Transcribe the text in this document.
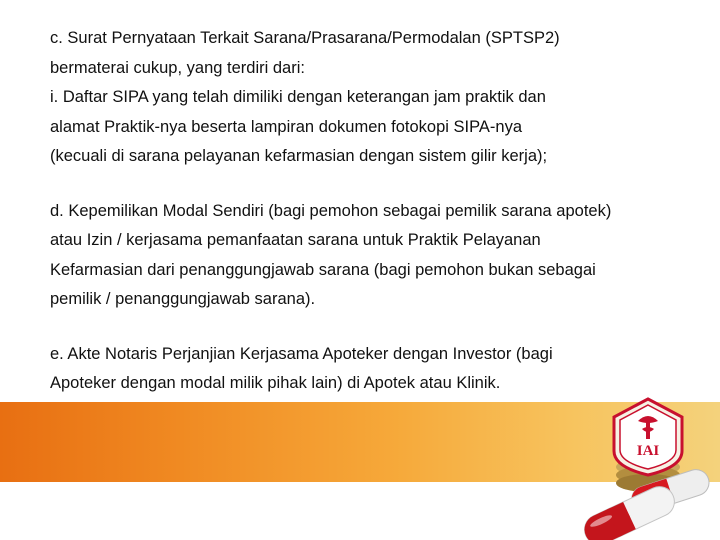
c. Surat Pernyataan Terkait Sarana/Prasarana/Permodalan (SPTSP2)
bermaterai cukup, yang terdiri dari:
i. Daftar SIPA yang telah dimiliki dengan keterangan jam praktik dan
alamat Praktik-nya beserta lampiran dokumen fotokopi SIPA-nya
(kecuali di sarana pelayanan kefarmasian dengan sistem gilir kerja);

d. Kepemilikan Modal Sendiri (bagi pemohon sebagai pemilik sarana apotek)
atau Izin / kerjasama pemanfaatan sarana untuk Praktik Pelayanan
Kefarmasian dari penanggungjawab sarana (bagi pemohon bukan sebagai
pemilik / penanggungjawab sarana).

e. Akte Notaris Perjanjian Kerjasama Apoteker dengan Investor (bagi
Apoteker dengan modal milik pihak lain) di Apotek atau Klinik.

IAI
